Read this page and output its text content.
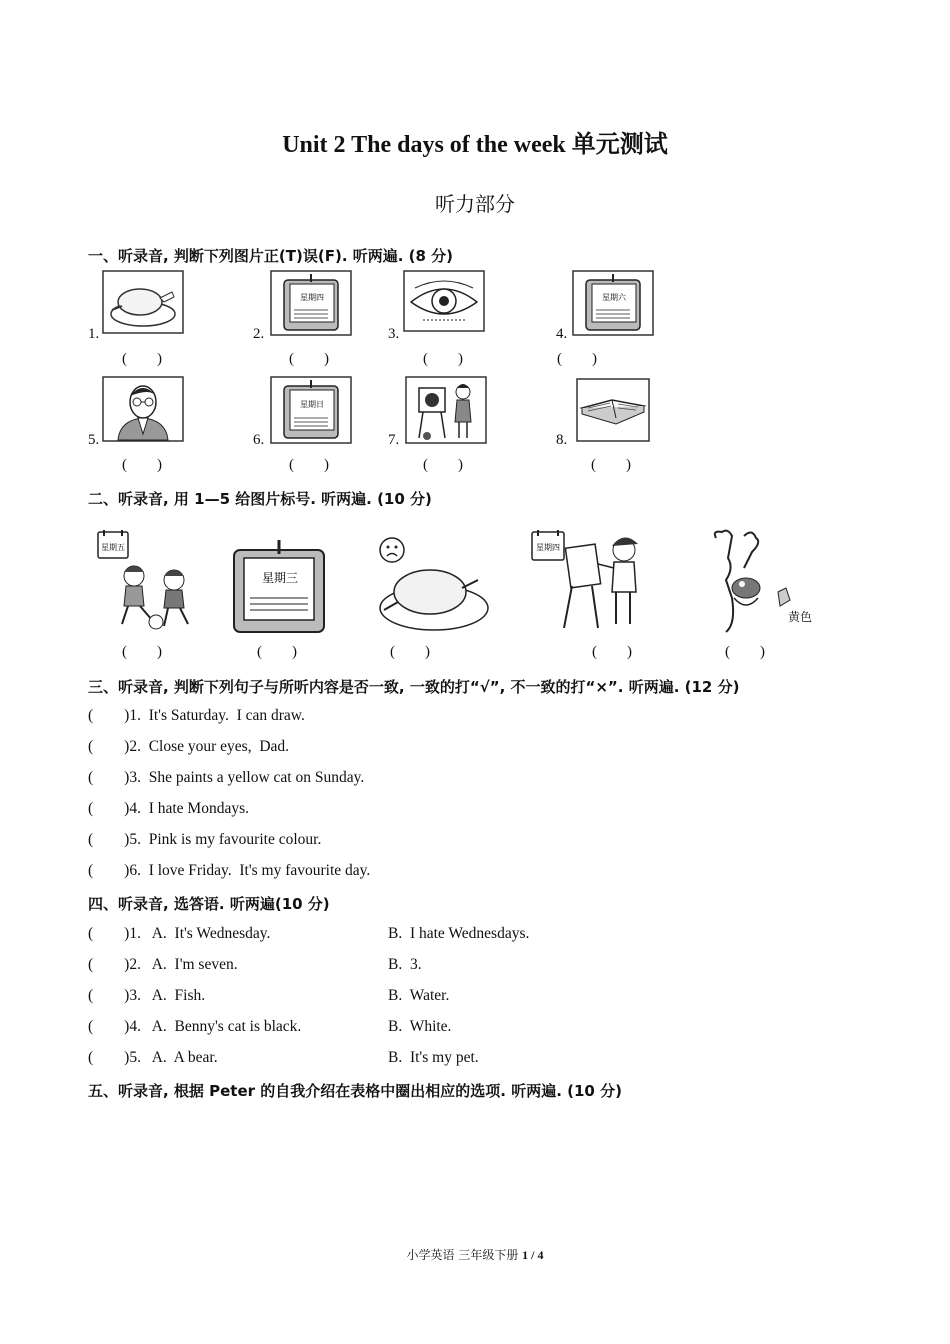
Unit 2 The days of the week 单元测试
听力部分
一、听录音, 判断下列图片正(T)误(F). 听两遍. (8 分)
1.
(        )
2.
星期四
(        )
3.
(        )
4.
星期六
(        )
5.
(        )
6.
星期日
(        )
7.
(        )
8.
(        )
二、听录音, 用 1—5 给图片标号. 听两遍. (10 分)
星期五
(        )
星期三
(        )	(        )
星期四
(        )
黄色
(        )
三、听录音, 判断下列句子与所听内容是否一致, 一致的打“√”, 不一致的打“×”. 听两遍. (12 分)
(        )1.  It's Saturday.  I can draw.
(        )2.  Close your eyes,  Dad.
(        )3.  She paints a yellow cat on Sunday.
(        )4.  I hate Mondays.
(        )5.  Pink is my favourite colour.
(        )6.  I love Friday.  It's my favourite day.
四、听录音, 选答语. 听两遍(10 分)
(        )1.   A.  It's Wednesday.	B.  I hate Wednesdays.
(        )2.   A.  I'm seven.	B.  3.
(        )3.   A.  Fish.	B.  Water.
(        )4.   A.  Benny's cat is black.	B.  White.
(        )5.   A.  A bear.	B.  It's my pet.
五、听录音, 根据 Peter 的自我介绍在表格中圈出相应的选项. 听两遍. (10 分)
小学英语 三年级下册 1 / 4
